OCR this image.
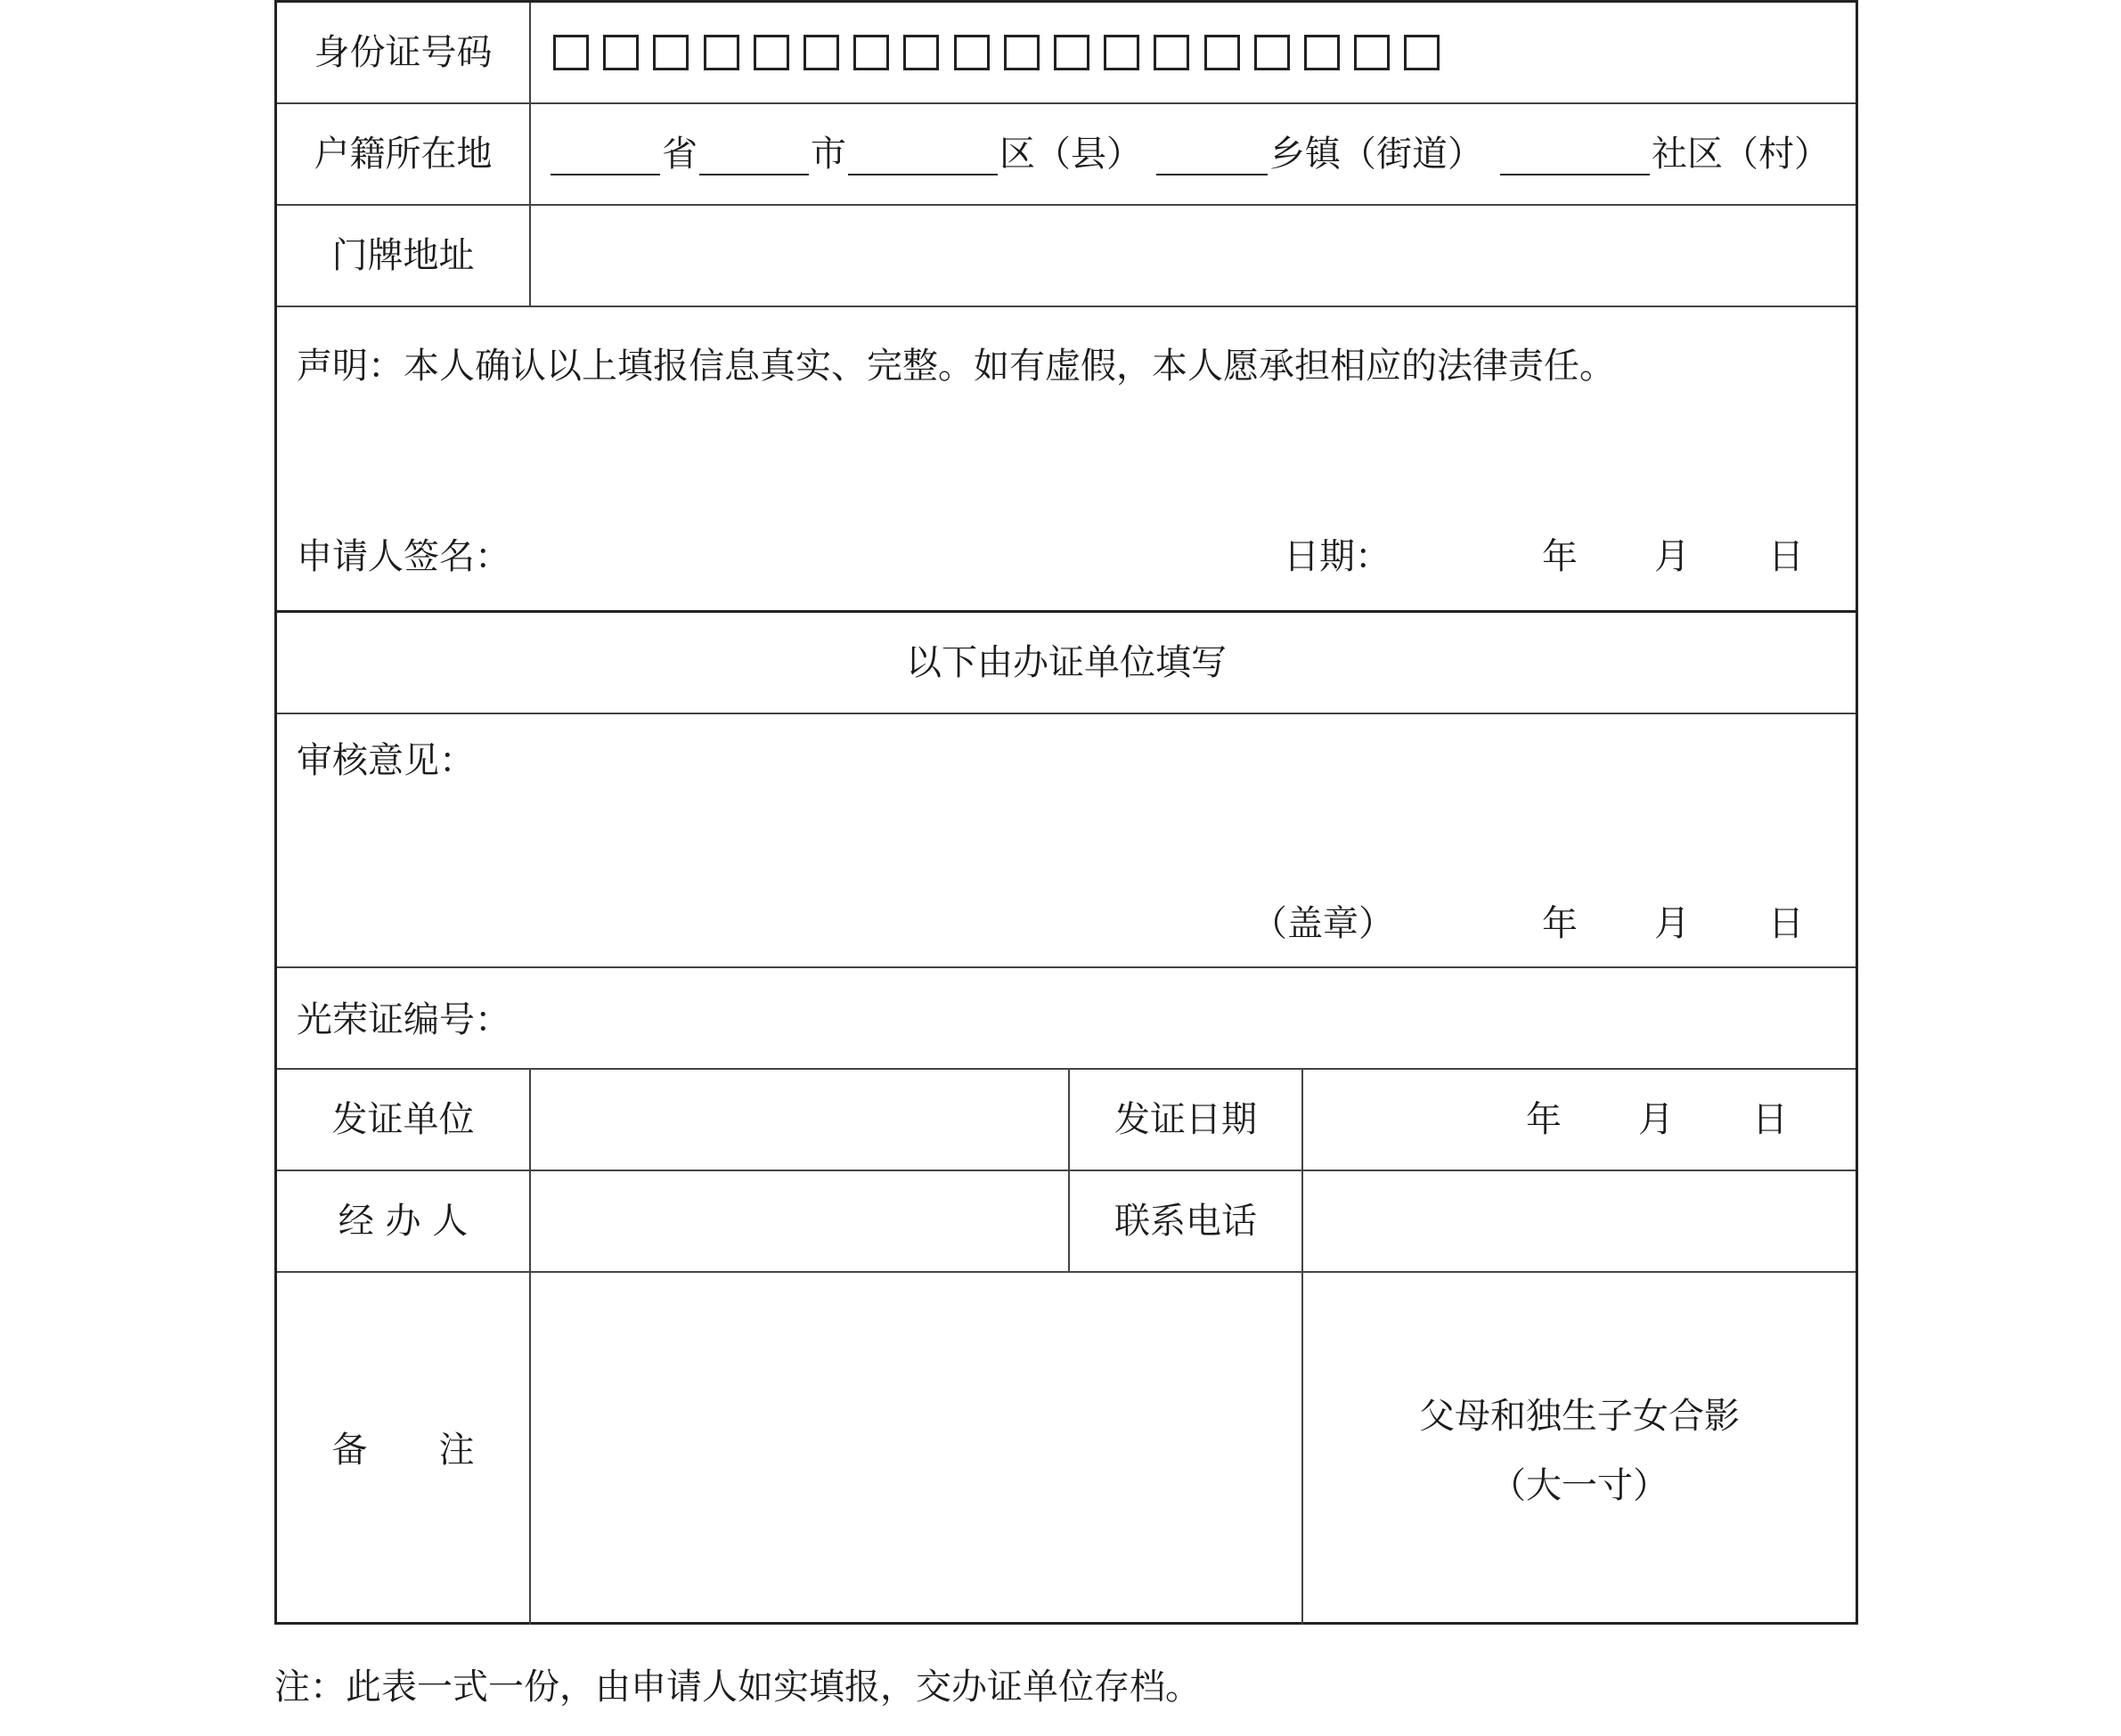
身份证号码
户籍所在地	省	市	区（县）	乡镇（街道）	社区（村）
门牌地址
声明：本人确认以上填报信息真实、完整。如有虚假，本人愿承担相应的法律责任。
申请人签名：	日期：	年 月 日
以下由办证单位填写
审核意见：
（盖章）	年 月 日
光荣证编号：
发证单位	发证日期	年 月 日
经 办 人	联系电话
备　　注
父母和独生子女合影
（大一寸）
注：此表一式一份，由申请人如实填报，交办证单位存档。
